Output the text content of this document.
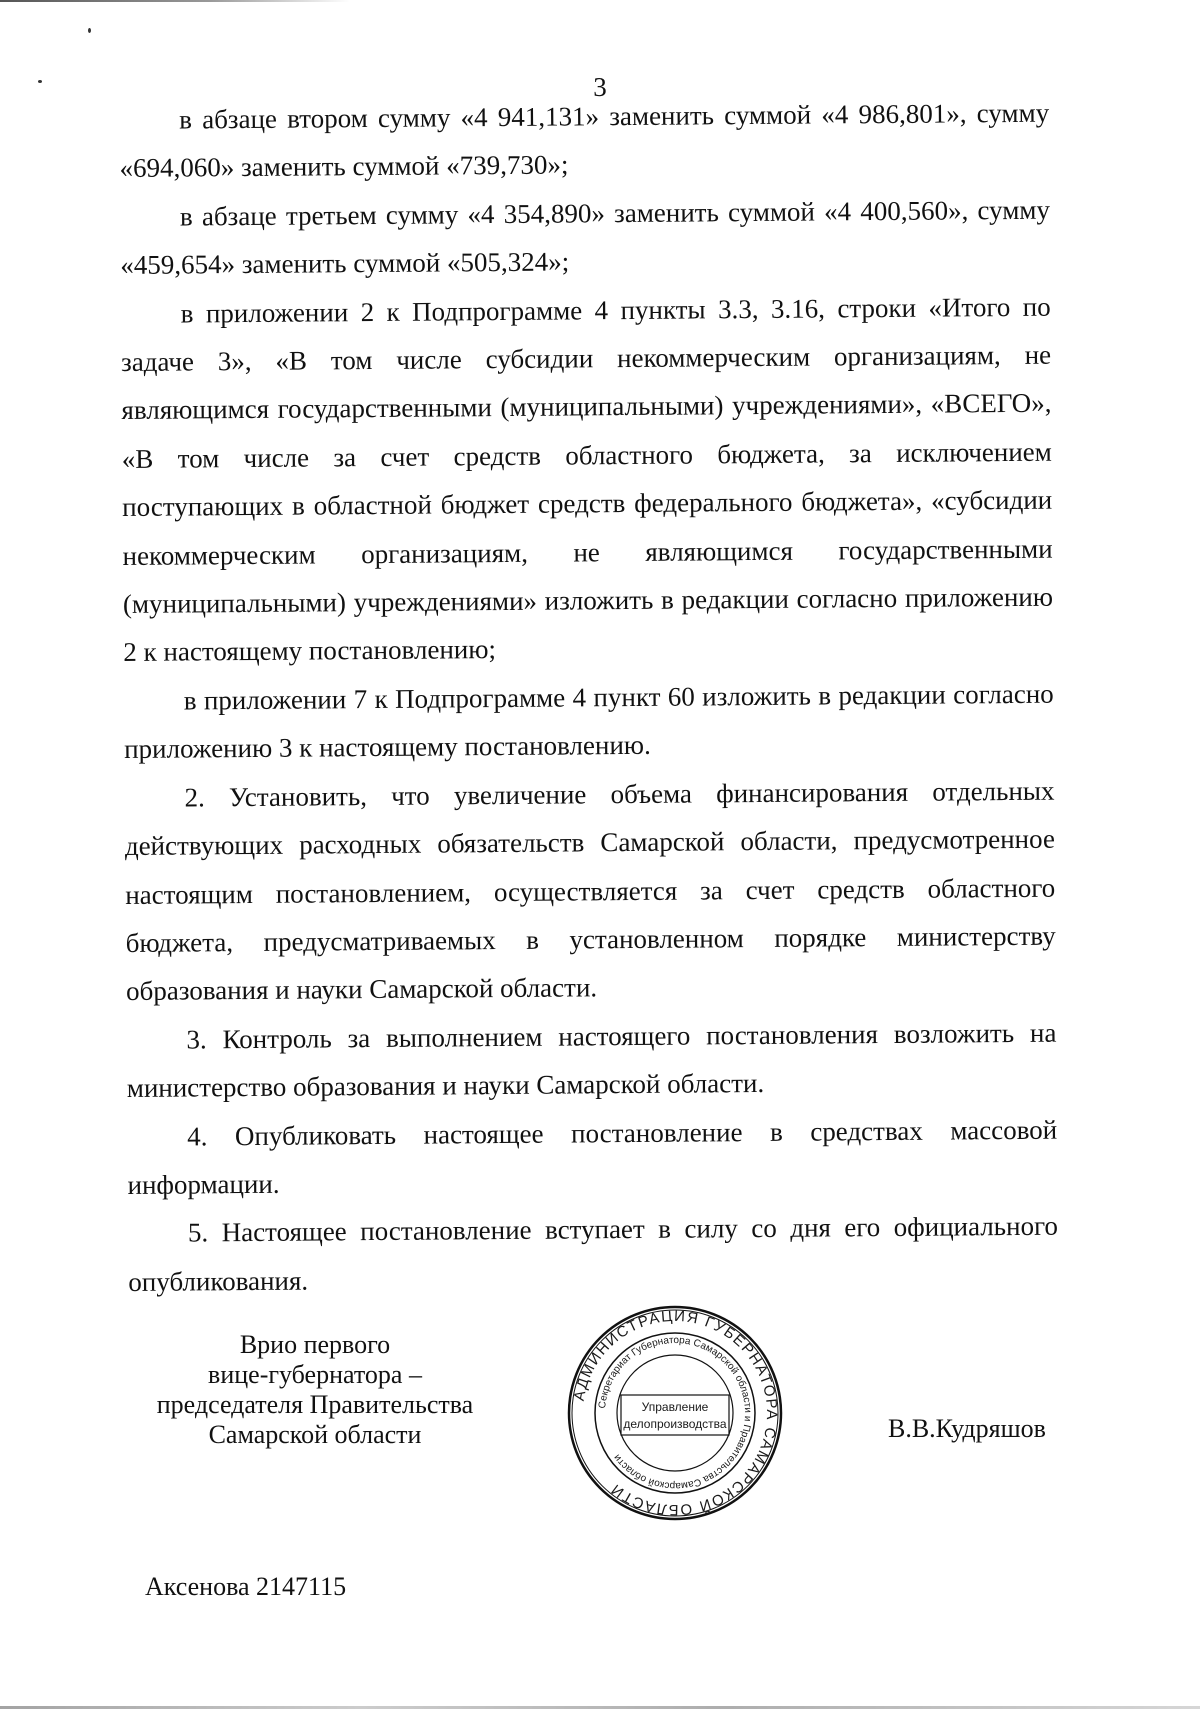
3

в абзаце втором сумму «4 941,131» заменить суммой «4 986,801», сумму «694,060» заменить суммой «739,730»;

в абзаце третьем сумму «4 354,890» заменить суммой «4 400,560», сумму «459,654» заменить суммой «505,324»;

в приложении 2 к Подпрограмме 4 пункты 3.3, 3.16, строки «Итого по задаче 3», «В том числе субсидии некоммерческим организациям, не являющимся государственными (муниципальными) учреждениями», «ВСЕГО», «В том числе за счет средств областного бюджета, за исключением поступающих в областной бюджет средств федерального бюджета», «субсидии некоммерческим организациям, не являющимся государственными (муниципальными) учреждениями» изложить в редакции согласно приложению 2 к настоящему постановлению;

в приложении 7 к Подпрограмме 4 пункт 60 изложить в редакции согласно приложению 3 к настоящему постановлению.

2. Установить, что увеличение объема финансирования отдельных действующих расходных обязательств Самарской области, предусмотренное настоящим постановлением, осуществляется за счет средств областного бюджета, предусматриваемых в установленном порядке министерству образования и науки Самарской области.

3. Контроль за выполнением настоящего постановления возложить на министерство образования и науки Самарской области.

4. Опубликовать настоящее постановление в средствах массовой информации.

5. Настоящее постановление вступает в силу со дня его официального опубликования.

Врио первого
вице-губернатора –
председателя Правительства
Самарской области
АДМИНИСТРАЦИЯ ГУБЕРНАТОРА САМАРСКОЙ ОБЛАСТИ
Секретариат Губернатора Самарской области и Правительства Самарской области
Управление
делопроизводства	В.В.Кудряшов
Аксенова 2147115
